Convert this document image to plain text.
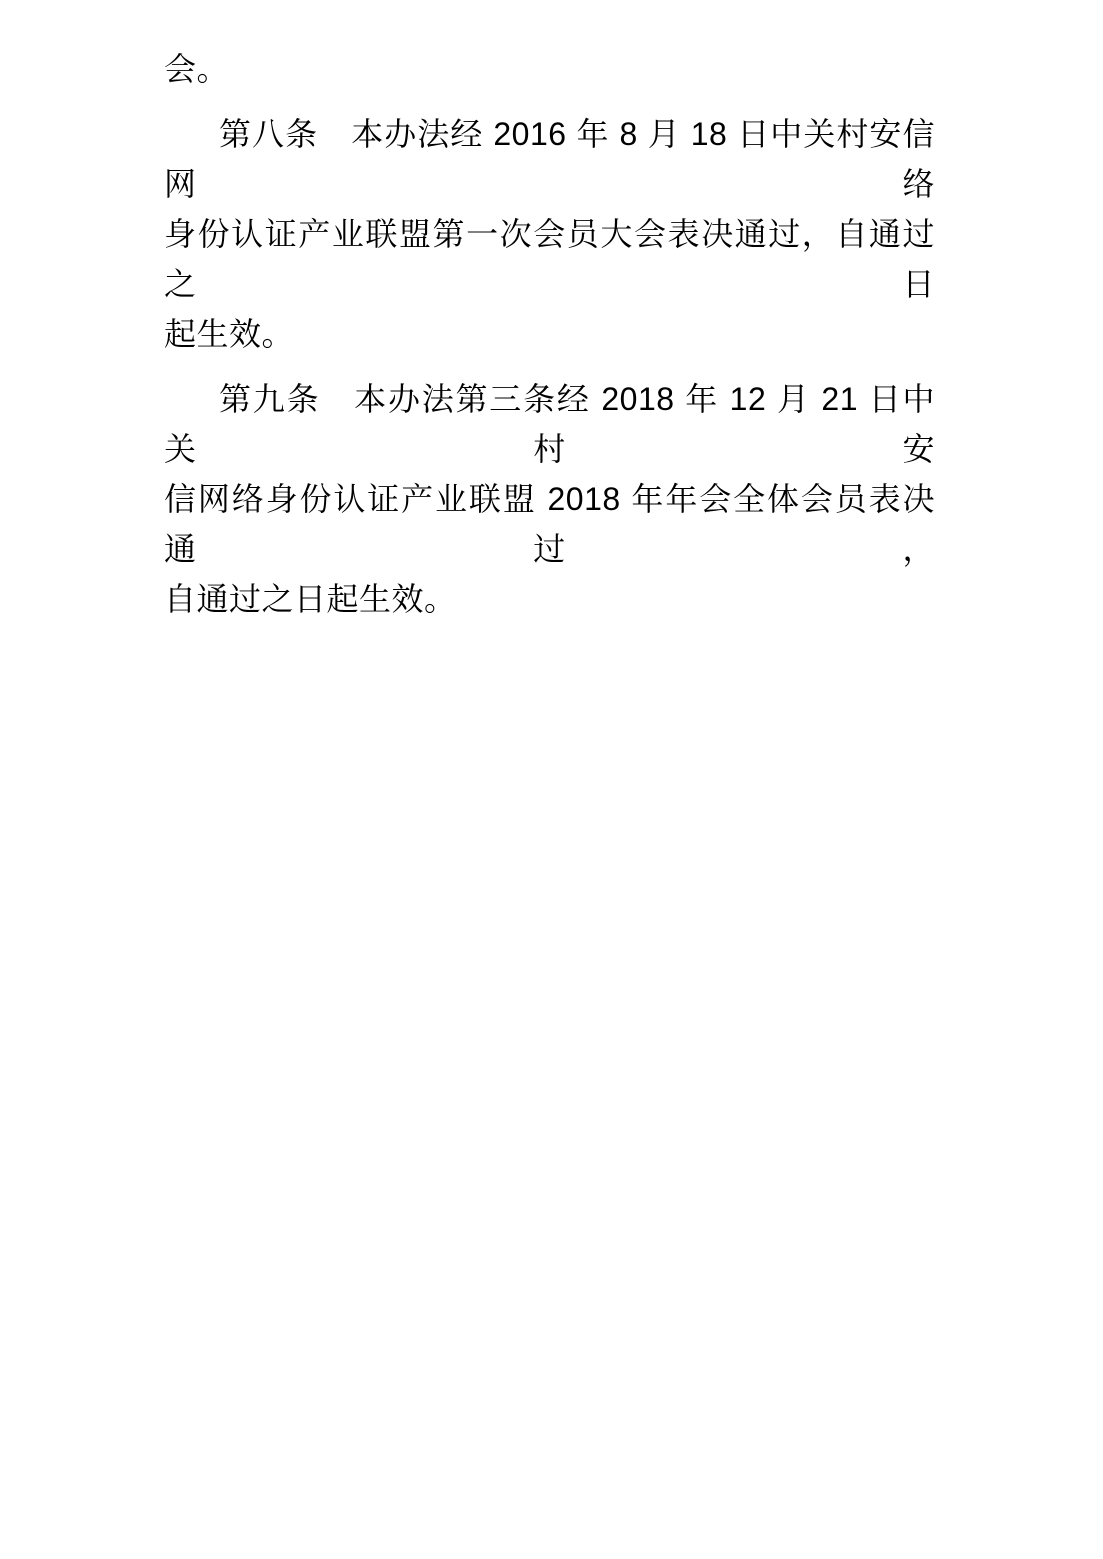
会。
第八条　本办法经 2016 年 8 月 18 日中关村安信网络
身份认证产业联盟第一次会员大会表决通过，自通过之日
起生效。
第九条　本办法第三条经 2018 年 12 月 21 日中关村安
信网络身份认证产业联盟 2018 年年会全体会员表决通过，
自通过之日起生效。
